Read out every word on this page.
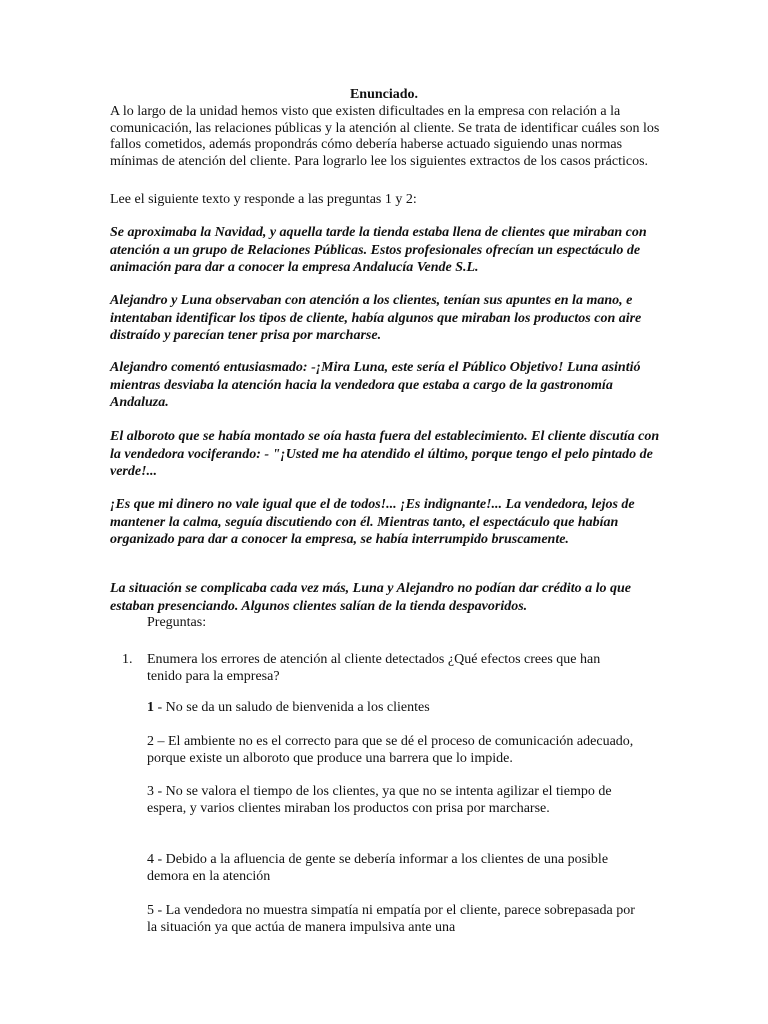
Enunciado.
A lo largo de la unidad hemos visto que existen dificultades en la empresa con relación a la comunicación, las relaciones públicas y la atención al cliente. Se trata de identificar cuáles son los fallos cometidos, además propondrás cómo debería haberse actuado siguiendo unas normas mínimas de atención del cliente. Para lograrlo lee los siguientes extractos de los casos prácticos.
Lee el siguiente texto y responde a las preguntas 1 y 2:
Se aproximaba la Navidad, y aquella tarde la tienda estaba llena de clientes que miraban con atención a un grupo de Relaciones Públicas. Estos profesionales ofrecían un espectáculo de animación para dar a conocer la empresa Andalucía Vende S.L.
Alejandro y Luna observaban con atención a los clientes, tenían sus apuntes en la mano, e intentaban identificar los tipos de cliente, había algunos que miraban los productos con aire distraído y parecían tener prisa por marcharse.
Alejandro comentó entusiasmado: -¡Mira Luna, este sería el Público Objetivo! Luna asintió mientras desviaba la atención hacia la vendedora que estaba a cargo de la gastronomía Andaluza.
El alboroto que se había montado se oía hasta fuera del establecimiento. El cliente discutía con la vendedora vociferando: - "¡Usted me ha atendido el último, porque tengo el pelo pintado de verde!...
¡Es que mi dinero no vale igual que el de todos!... ¡Es indignante!... La vendedora, lejos de mantener la calma, seguía discutiendo con él. Mientras tanto, el espectáculo que habían organizado para dar a conocer la empresa, se había interrumpido bruscamente.
La situación se complicaba cada vez más, Luna y Alejandro no podían dar crédito a lo que estaban presenciando. Algunos clientes salían de la tienda despavoridos.
Preguntas:
1. Enumera los errores de atención al cliente detectados ¿Qué efectos crees que han tenido para la empresa?
1 - No se da un saludo de bienvenida a los clientes
2 – El ambiente no es el correcto para que se dé el proceso de comunicación adecuado, porque existe un alboroto que produce una barrera que lo impide.
3 - No se valora el tiempo de los clientes, ya que no se intenta agilizar el tiempo de espera, y varios clientes miraban los productos con prisa por marcharse.
4 - Debido a la afluencia de gente se debería informar a los clientes de una posible demora en la atención
5 - La vendedora no muestra simpatía ni empatía por el cliente, parece sobrepasada por la situación ya que actúa de manera impulsiva ante una
